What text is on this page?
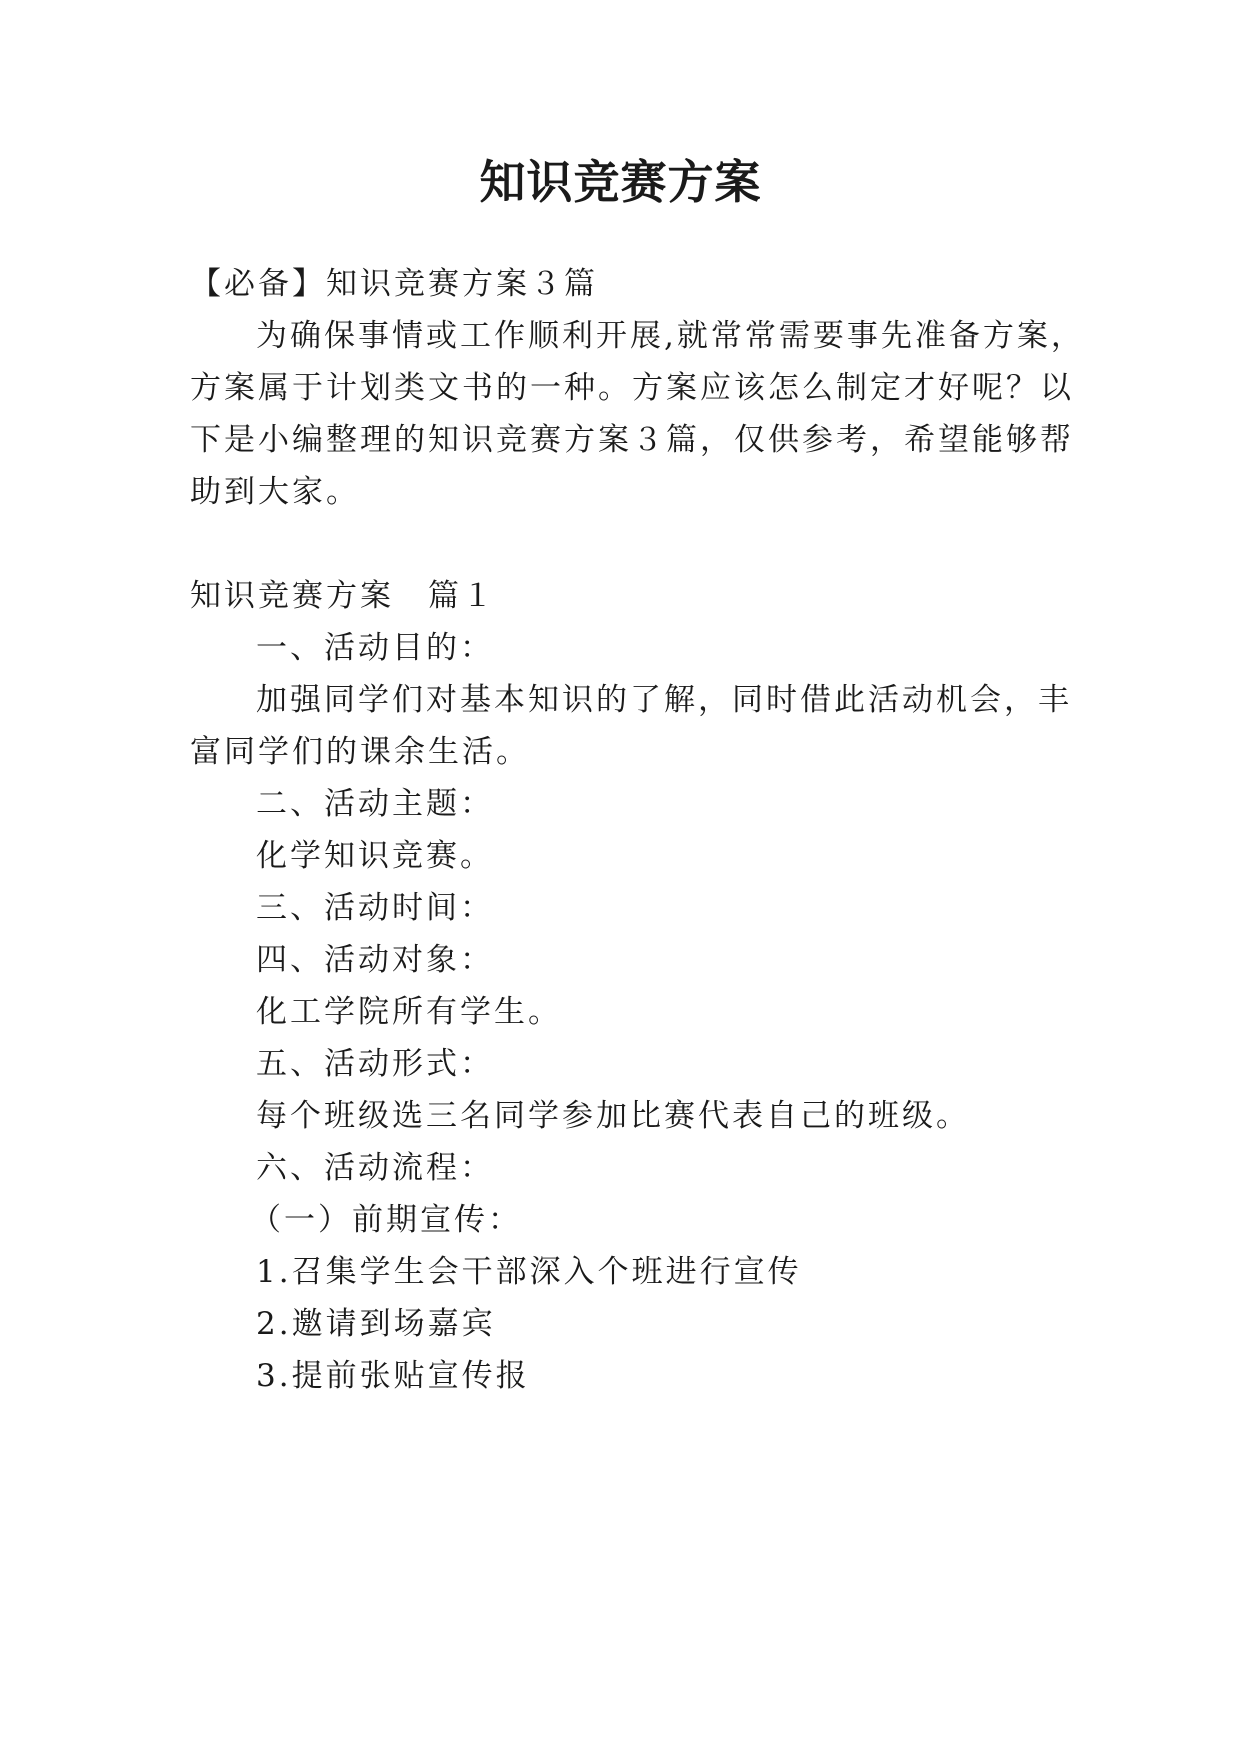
知识竞赛方案
【必备】知识竞赛方案３篇
为确保事情或工作顺利开展,就常常需要事先准备方案，
方案属于计划类文书的一种。方案应该怎么制定才好呢？以
下是小编整理的知识竞赛方案３篇，仅供参考，希望能够帮
助到大家。
知识竞赛方案　篇１
一、活动目的：
加强同学们对基本知识的了解，同时借此活动机会，丰
富同学们的课余生活。
二、活动主题：
化学知识竞赛。
三、活动时间：
四、活动对象：
化工学院所有学生。
五、活动形式：
每个班级选三名同学参加比赛代表自己的班级。
六、活动流程：
（一）前期宣传：
1.召集学生会干部深入个班进行宣传
2.邀请到场嘉宾
3.提前张贴宣传报
